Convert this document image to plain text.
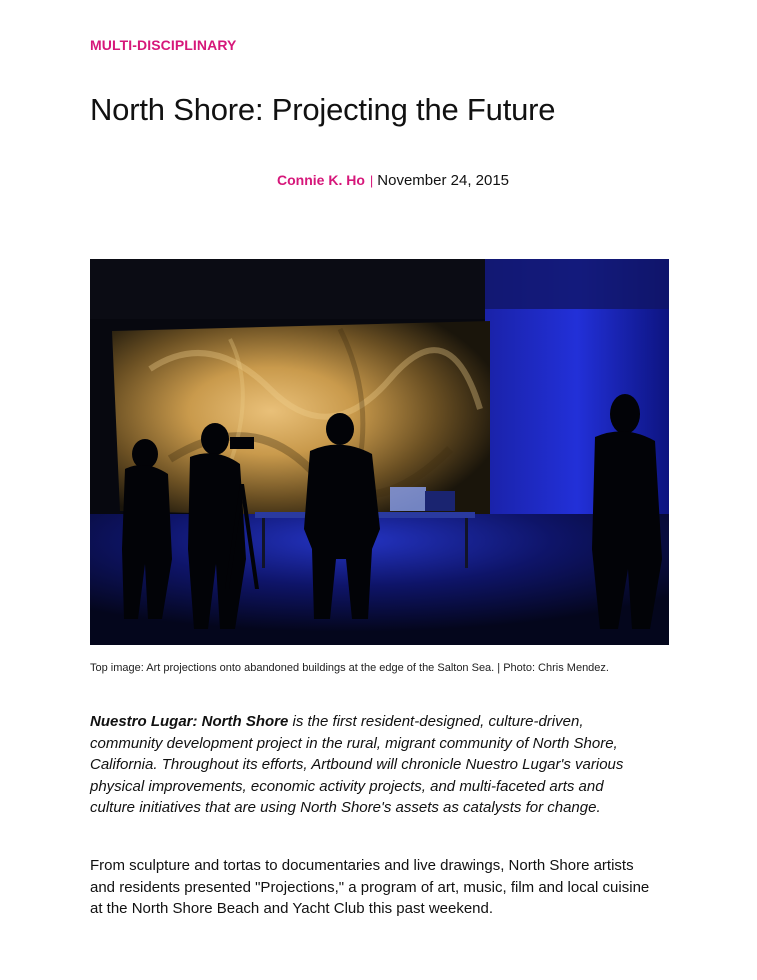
MULTI-DISCIPLINARY
North Shore: Projecting the Future
Connie K. Ho | November 24, 2015
Top image: Art projections onto abandoned buildings at the edge of the Salton Sea. | Photo: Chris Mendez.

Nuestro Lugar: North Shore is the first resident-designed, culture-driven, community development project in the rural, migrant community of North Shore, California. Throughout its efforts, Artbound will chronicle Nuestro Lugar's various physical improvements, economic activity projects, and multi-faceted arts and culture initiatives that are using North Shore's assets as catalysts for change.

From sculpture and tortas to documentaries and live drawings, North Shore artists and residents presented "Projections," a program of art, music, film and local cuisine at the North Shore Beach and Yacht Club this past weekend.
